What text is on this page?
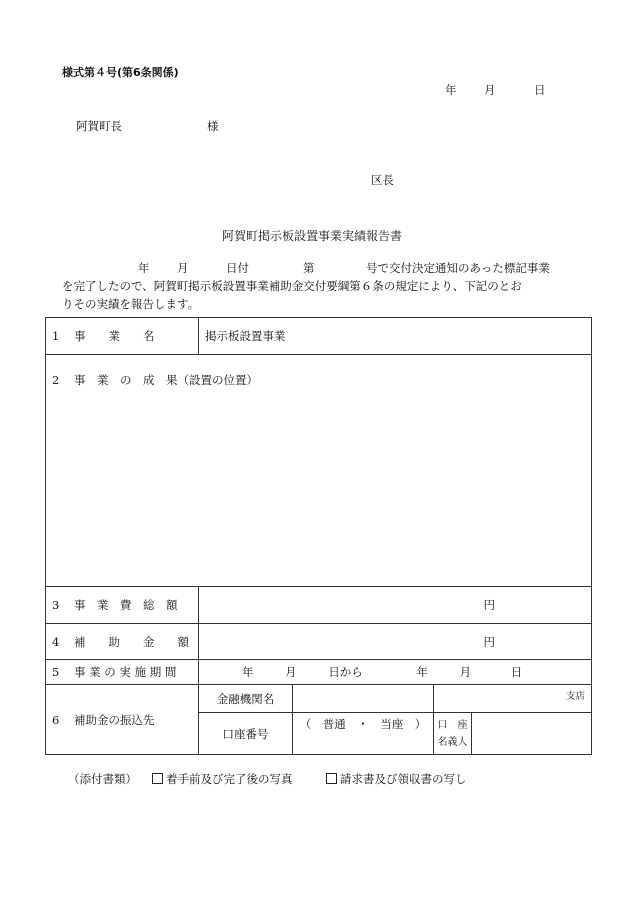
様式第４号(第6条関係)
年 月	日
阿賀町長	様
区長
阿賀町掲示板設置事業実績報告書
年 月	日付	第	号で交付決定通知のあった標記事業
を完了したので、阿賀町掲示板設置事業補助金交付要綱第６条の規定により、下記のとお
りその実績を報告します。
1 事　　業　　名	掲示板設置事業			
2 事　業　の　成　果（設置の位置）				
3 事　業　費　総　額	円			

4 補　　助　　金　　額	円			

5 事 業 の 実 施 期 間	年 月 日から 年 月 日			
6 補助金の振込先	金融機関名		支店	
	口座番号	（　普通　・　当座　）	口　座
名義人	

（添付書類）	着手前及び完了後の写真	請求書及び領収書の写し
